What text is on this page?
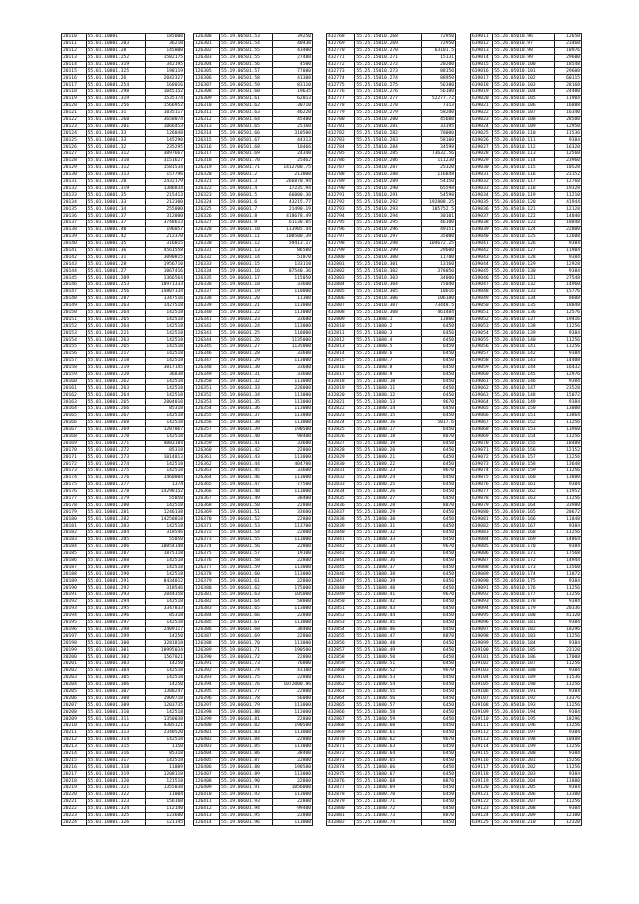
20110	55.01.10801	185000
20111	55.01.10801.203	36210
20112	55.01.10801.28	145000
20113	55.01.10801.252	1582175
20114	55.01.10801.319	342195
20115	55.01.10801.325	190119
20116	55.01.10801.26	2042327
20117	55.01.10801.254	168016
20118	55.01.10801.298	1045152
20119	55.01.10801.319	1535174
20120	55.01.10801.256	1566952
20121	55.01.10801.31	1035117
20122	55.01.10801.260	3658074
20123	55.01.10801.201	1066453
20124	55.01.10801.33	126048
20125	55.01.10801.33	145290
20126	55.01.10801.32	235295
20127	55.01.10801.312	3097667
20128	55.01.10801.310	3151627
20129	55.01.10801.312	1581534
20130	55.01.10801.313	157796
20131	55.01.10801.28	2432179
20132	55.01.10801.319	1386834
20133	55.01.10801.35	215413
20134	55.01.10801.33	212300
20135	55.01.10801.34	255000
20136	55.01.10801.37	312000
20137	55.01.10801.37	3748613
20138	55.01.10801.40	196057
20139	55.01.10801.42	212370
20140	55.01.10801.35	316015
20141	55.01.10801.36	4561558
20142	55.01.10801.31	3090815
20143	55.01.10801.28	1956710
20144	55.01.10801.27	1067416
20145	55.01.10801.209	1366564
20146	55.01.10801.253	10971333
20147	55.01.10801.256	14807134
20148	55.01.10801.287	1347516
20149	55.01.10801.263	1427518
20150	55.01.10801.264	142518
20151	55.01.10801.265	142518
20152	55.01.10801.264	142518
20153	55.01.10801.221	142518
20154	55.01.10801.263	142518
20155	55.01.10801.265	142518
20156	55.01.10801.217	142518
20157	55.01.10801.218	142518
20158	55.01.10801.219	3017145
20159	55.01.10801.220	36838
20160	55.01.10801.262	142518
20161	55.01.10801.263	142518
20162	55.01.10801.264	142518
20163	55.01.10801.265	2804010
20164	55.01.10801.266	85318
20165	55.01.10801.267	142518
20166	55.01.10801.268	142518
20167	55.01.10801.269	1287067
20168	55.01.10801.270	142518
20169	55.01.10801.271	4083184
20170	55.01.10801.272	85318
20171	55.01.10801.273	1014813
20172	55.01.10801.274	142518
20173	55.01.10801.275	142518
20174	55.01.10801.276	1460004
20175	55.01.10801.277	1374
20176	55.01.10801.278	14298152
20177	55.01.10801.279	55050
20178	55.01.10801.280	142518
20179	55.01.10801.281	1246138
20180	55.01.10801.282	14250018
20181	55.01.10801.283	142518
20182	55.01.10801.284	318546
20183	55.01.10801.285	55050
20184	55.01.10801.286	10054148
20185	55.01.10801.287	1875118
20186	55.01.10801.288	142518
20187	55.01.10801.289	142518
20188	55.01.10801.290	142518
20189	55.01.10801.291	8434012
20190	55.01.10801.292	318546
20191	55.01.10801.293	2044358
20192	55.01.10801.294	142518
20193	55.01.10801.295	3347833
20194	55.01.10801.296	85318
20195	55.01.10801.297	142518
20196	55.01.10801.298	2409117
20197	55.01.10801.299	14250
20198	55.01.10801.300	3281818
20199	55.01.10801.301	10995034
20200	55.01.10801.302	1567021
20201	55.01.10801.303	14250
20202	55.01.10801.304	142518
20203	55.01.10801.305	142518
20204	55.01.10801.306	14250
20205	55.01.10801.307	1388247
20206	55.01.10801.308	1909718
20207	55.01.10801.309	1203735
20208	55.01.10801.310	142518
20209	55.01.10801.311	1350038
20210	55.01.10801.312	4305121
20211	55.01.10801.313	2340520
20212	55.01.10801.314	142518
20213	55.01.10801.315	1150
20214	55.01.10801.316	85318
20215	55.01.10801.317	142518
20216	55.01.10801.318	11009
20217	55.01.10801.319	1208118
20218	55.01.10801.320	121518
20219	55.01.10801.321	1355038
20220	55.01.10801.322	11004
20221	55.01.10801.323	156160
20222	55.01.10801.324	112140
20223	55.01.10801.325	123600
20224	55.01.10801.326	121145
126300	55.19.06501.53	39250
126301	55.19.06501.54	40430
126302	55.19.06501.55	43400
126303	55.19.06501.55	27480
126304	55.19.06501.56	4500
126305	55.19.06501.57	77080
126306	55.19.06501.58	41300
126307	55.19.06501.59	83110
126308	55.19.06501.60	19635
126309	55.19.06501.61	62013
126310	55.19.06501.62	30710
126311	55.19.06501.63	46220
126312	55.19.06501.64	45400
126313	55.19.06501.65	25160
126314	55.19.06501.66	310500
126315	55.19.06501.67	44313
126316	55.19.06501.68	10466
126317	55.19.06501.69	24340
126318	55.19.06501.70	25462
126319	55.19.06501.71	1412700.75
126320	55.19.06601.2	213000
126321	55.19.06601.3	266870.94
126322	55.19.06601.4	17235.94
126323	55.19.06601.5	66000.36
126324	55.19.06601.6	43215.77
126325	55.19.06601.7	21490.19
126326	55.19.06601.8	418678.49
126327	55.19.06601.9	61130.85
126328	55.19.06601.10	113905.44
126329	55.19.06601.11	100500.39
126330	55.19.06601.12	59413.17
126331	55.19.06601.13	86500
126332	55.19.06601.14	51070
126333	55.19.06601.15	133110
126334	55.19.06601.16	87540.36
126335	55.19.06601.17	115050
126336	55.19.06601.18	33600
126337	55.19.06601.19	110000
126338	55.19.06601.20	11300
126339	55.19.06601.21	113000
126340	55.19.06601.22	113000
126341	55.19.06601.23	33600
126342	55.19.06601.24	113000
126343	55.19.06601.25	110000
126344	55.19.06601.26	1135000
126345	55.19.06601.27	1135000
126346	55.19.06601.28	33600
126347	55.19.06601.29	113000
126348	55.19.06601.30	33600
126349	55.19.06601.31	33600
126350	55.19.06601.32	113000
126351	55.19.06601.33	228000
126352	55.19.06601.34	113000
126353	55.19.06601.35	113000
126354	55.19.06601.36	113000
126355	55.19.06601.37	113000
126356	55.19.06601.38	113000
126357	55.19.06601.39	190500
126358	55.19.06601.40	98400
126359	55.19.06601.41	33600
126360	55.19.06601.42	22800
126361	55.19.06601.43	113000
126362	55.19.06601.44	404700
126363	55.19.06601.45	33600
126364	55.19.06601.46	113000
126365	55.19.06601.47	77500
126366	55.19.06601.48	113000
126367	55.19.06601.49	38400
126368	55.19.06601.50	22800
126369	55.19.06601.51	33600
126370	55.19.06601.52	22800
126371	55.19.06601.53	113700
126372	55.19.06601.54	22800
126373	55.19.06601.55	113000
126374	55.19.06601.56	22800
126375	55.19.06601.57	19100
126376	55.19.06601.58	22800
126377	55.19.06601.59	113000
126378	55.19.06601.60	113000
126379	55.19.06601.61	22800
126380	55.19.06601.62	175000
126381	55.19.06601.63	105000
126382	55.19.06601.64	58000
126383	55.19.06601.65	113000
126384	55.19.06601.66	22800
126385	55.19.06601.67	113000
126386	55.19.06601.68	38400
126387	55.19.06601.69	22800
126388	55.19.06601.70	113000
126389	55.19.06601.71	190500
126390	55.19.06601.72	22800
126391	55.19.06601.73	76800
126392	55.19.06601.74	43100
126393	55.19.06601.75	22800
126394	55.19.06601.76	1072000.86
126395	55.19.06601.77	22800
126396	55.19.06601.78	56000
126397	55.19.06601.79	113000
126398	55.19.06601.80	113000
126399	55.19.06601.81	22800
126400	55.19.06601.82	190500
126401	55.19.06601.83	113000
126402	55.19.06601.84	22800
126403	55.19.06601.85	113000
126404	55.19.06601.86	38400
126405	55.19.06601.87	22800
126406	55.19.06601.88	190500
126407	55.19.06601.89	113000
126408	55.19.06601.90	22800
126409	55.19.06601.91	1056000
126410	55.19.06601.92	113000
126411	55.19.06601.93	22800
126412	55.19.06601.94	99400
126413	55.19.06601.95	22800
126414	55.19.06601.96	113000
432768	55.25.15010.268	72950
432769	55.25.15010.269	72950
432770	55.25.15010.270	63101.5
432771	55.25.15010.271	15131
432772	55.25.15010.272	20200
432773	55.25.15010.273	88150
432774	55.25.15010.274	88950
432775	55.25.15010.275	56380
432776	55.25.15010.276	56100
432777	55.25.15010.277	52277.72
432778	55.25.15010.278	7313
432779	55.25.15010.279	58200
432780	55.25.15010.280	45600
432781	55.25.15010.281	33195
432782	55.25.15010.282	70000
432783	55.25.15010.283	58100
432784	55.25.15010.284	34598
432785	55.25.15010.285	73632.56
432786	55.25.15010.286	111230
432787	55.25.15010.287	25320
432788	55.25.15010.288	116848
432789	55.25.15010.289	54150
432790	55.25.15010.290	65598
432791	55.25.15010.291	54598
432792	55.25.15010.292	192808.25
432793	55.25.15010.293	105752.5
432794	55.25.15010.294	30101
432795	55.25.15010.295	46100
432796	55.25.15010.296	49151
432797	55.25.15010.297	35000
432798	55.25.15010.298	104672.25
432799	55.25.15010.299	29600
432800	55.25.15010.300	11700
432801	55.25.15010.301	13160
432802	55.25.15010.302	378050
432803	55.25.15010.303	34000
432804	55.25.15010.304	75040
432805	55.25.15010.305	10616
432806	55.25.15010.306	106180
432807	55.25.15010.307	73448.5
432808	55.25.15010.308	461484
432809	55.25.11080.1	13800
432810	55.25.11080.2	6450
432811	55.25.11080.3	6450
432812	55.25.11080.4	6450
432813	55.25.11080.5	6450
432814	55.25.11080.6	6450
432815	55.25.11080.7	6450
432816	55.25.11080.8	6450
432817	55.25.11080.9	6450
432818	55.25.11080.10	6450
432819	55.25.11080.11	6450
432820	55.25.11080.12	6450
432821	55.25.11080.13	9670
432822	55.25.11080.14	6450
432823	55.25.11080.15	6450
432824	55.25.11080.16	5017.6
432825	55.25.11080.17	6450
432826	55.25.11080.18	8870
432827	55.25.11080.19	6450
432828	55.25.11080.20	6450
432829	55.25.11080.21	6450
432830	55.25.11080.22	6450
432831	55.25.11080.23	9670
432832	55.25.11080.24	6450
432833	55.25.11080.25	6450
432834	55.25.11080.26	6450
432835	55.25.11080.27	6450
432836	55.25.11080.28	8870
432837	55.25.11080.29	6450
432838	55.25.11080.30	6450
432839	55.25.11080.31	6450
432840	55.25.11080.32	6450
432841	55.25.11080.33	6450
432842	55.25.11080.34	9670
432843	55.25.11080.35	6450
432844	55.25.11080.36	6450
432845	55.25.11080.37	6450
432846	55.25.11080.38	6450
432847	55.25.11080.39	6450
432848	55.25.11080.40	6450
432849	55.25.11080.41	9670
432850	55.25.11080.42	6450
432851	55.25.11080.43	6450
432852	55.25.11080.44	6450
432853	55.25.11080.45	6450
432854	55.25.11080.46	6450
432855	55.25.11080.47	8870
432856	55.25.11080.48	6450
432857	55.25.11080.49	6450
432858	55.25.11080.50	6450
432859	55.25.11080.51	6450
432860	55.25.11080.52	9670
432861	55.25.11080.53	6450
432862	55.25.11080.54	6450
432863	55.25.11080.55	6450
432864	55.25.11080.56	6450
432865	55.25.11080.57	6450
432866	55.25.11080.58	6450
432867	55.25.11080.59	6450
432868	55.25.11080.60	6450
432869	55.25.11080.61	6450
432870	55.25.11080.62	9670
432871	55.25.11080.63	6450
432872	55.25.11080.64	6450
432873	55.25.11080.65	6450
432874	55.25.11080.66	6450
432875	55.25.11080.67	6450
432876	55.25.11080.68	8870
432877	55.25.11080.69	6450
432878	55.25.11080.70	6450
432879	55.25.11080.71	6450
432880	55.25.11080.72	6450
432881	55.25.11080.73	8870
432882	55.25.11080.74	6450
639011	55.26.05010.96	12650
639012	55.26.05010.97	23460
639013	55.26.05010.98	18976
639014	55.26.05010.99	29600
639015	55.26.05010.100	18548
639016	55.26.05010.101	29600
639017	55.26.05010.102	60115
639018	55.26.05010.103	28160
639019	55.26.05010.104	24480
639020	55.26.05010.105	11904
639021	55.26.05010.106	16888
639022	55.26.05010.107	16340
639023	55.26.05010.108	28500
639024	55.26.05010.109	12950
639025	55.26.05010.110	11536
639026	55.26.05010.111	9384
639027	55.26.05010.112	16320
639028	55.26.05010.113	12560
639029	55.26.05010.114	23960
639030	55.26.05010.115	10528
639031	55.26.05010.116	23152
639032	55.26.05010.117	12768
639033	55.26.05010.118	19328
639034	55.26.05010.119	11210
639035	55.26.05010.120	41944
639036	55.26.05010.121	12128
639037	55.26.05010.122	14040
639038	55.26.05010.123	18848
639039	55.26.05010.124	22800
639040	55.26.05010.125	12608
639041	55.26.05010.126	9384
639042	55.26.05010.127	11904
639043	55.26.05010.128	9384
639044	55.26.05010.129	12928
639045	55.26.05010.130	9384
639046	55.26.05010.131	27548
639047	55.26.05010.132	14960
639048	55.26.05010.133	15776
639049	55.26.05010.134	8608
639050	55.26.05010.135	18848
639051	55.26.05010.136	12576
639052	55.26.05010.137	19416
639053	55.26.05010.138	11256
639054	55.26.05010.139	9384
639055	55.26.05010.140	11256
639056	55.26.05010.141	11256
639057	55.26.05010.142	9384
639058	55.26.05010.143	14408
639059	55.26.05010.144	16432
639060	55.26.05010.145	12976
639061	55.26.05010.146	9384
639062	55.26.05010.147	23528
639063	55.26.05010.148	15072
639064	55.26.05010.149	9384
639065	55.26.05010.150	13000
639066	55.26.05010.151	13864
639067	55.26.05010.152	11256
639068	55.26.05010.153	13960
639069	55.26.05010.154	11256
639070	55.26.05010.155	18408
639071	55.26.05010.156	12152
639072	55.26.05010.157	11256
639073	55.26.05010.158	13648
639074	55.26.05010.159	11256
639075	55.26.05010.160	13880
639076	55.26.05010.161	9384
639077	55.26.05010.162	11952
639078	55.26.05010.163	11256
639079	55.26.05010.164	33980
639080	55.26.05010.165	20672
639081	55.26.05010.166	11848
639082	55.26.05010.167	9384
639083	55.26.05010.168	11256
639084	55.26.05010.169	14864
639085	55.26.05010.170	9384
639086	55.26.05010.171	17568
639087	55.26.05010.172	14944
639088	55.26.05010.173	13560
639089	55.26.05010.174	11872
639090	55.26.05010.175	9384
639091	55.26.05010.176	11256
639092	55.26.05010.177	11256
639093	55.26.05010.178	9384
639094	55.26.05010.179	20336
639095	55.26.05010.180	41120
639096	55.26.05010.181	9384
639097	55.26.05010.182	18296
639098	55.26.05010.183	11256
639099	55.26.05010.184	9384
639100	55.26.05010.185	23120
639101	55.26.05010.186	17008
639102	55.26.05010.187	11256
639103	55.26.05010.188	9384
639104	55.26.05010.189	11536
639105	55.26.05010.190	11256
639106	55.26.05010.191	9384
639107	55.26.05010.192	13376
639108	55.26.05010.193	11256
639109	55.26.05010.194	9384
639110	55.26.05010.195	18296
639111	55.26.05010.196	11256
639112	55.26.05010.197	9384
639113	55.26.05010.198	10488
639114	55.26.05010.199	11256
639115	55.26.05010.200	9384
639116	55.26.05010.201	15256
639117	55.26.05010.202	11256
639118	55.26.05010.203	9384
639119	55.26.05010.204	11880
639120	55.26.05010.205	9384
639121	55.26.05010.206	13300
639122	55.26.05010.207	11256
639123	55.26.05010.208	9384
639124	55.26.05010.209	12100
639125	55.26.05010.210	12320
